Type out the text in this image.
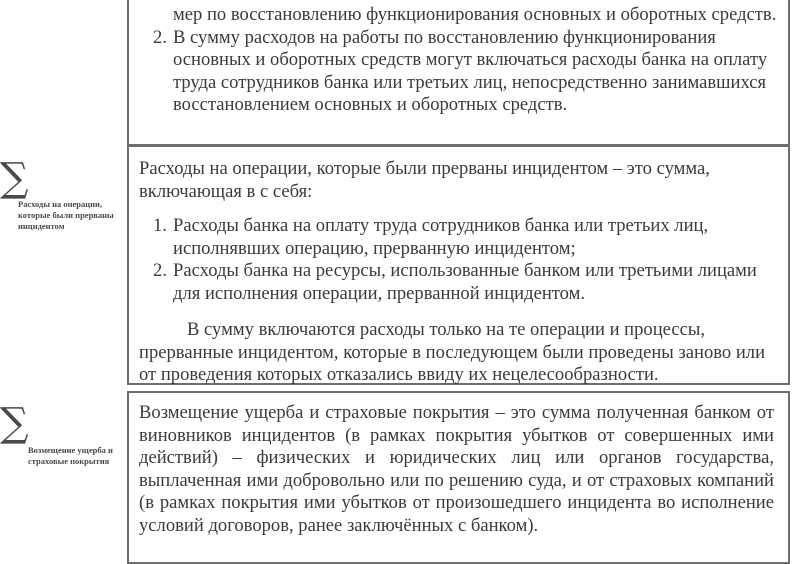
мер по восстановлению функционирования основных и оборотных средств.

2. В сумму расходов на работы по восстановлению функционирования основных и оборотных средств могут включаться расходы банка на оплату труда сотрудников банка или третьих лиц, непосредственно занимавшихся восстановлением основных и оборотных средств.
∑
Расходы на операции, которые были прерваны инцидентом

Расходы на операции, которые были прерваны инцидентом – это сумма, включающая в с себя:

1. Расходы банка на оплату труда сотрудников банка или третьих лиц, исполнявших операцию, прерванную инцидентом;
2. Расходы банка на ресурсы, использованные банком или третьими лицами для исполнения операции, прерванной инцидентом.

В сумму включаются расходы только на те операции и процессы, прерванные инцидентом, которые в последующем были проведены заново или от проведения которых отказались ввиду их нецелесообразности.

∑
Возмещение ущерба и страховые покрытия

Возмещение ущерба и страховые покрытия – это сумма полученная банком от виновников инцидентов (в рамках покрытия убытков от совершенных ими действий) – физических и юридических лиц или органов государства, выплаченная ими добровольно или по решению суда, и от страховых компаний (в рамках покрытия ими убытков от произошедшего инцидента во исполнение условий договоров, ранее заключённых с банком).
